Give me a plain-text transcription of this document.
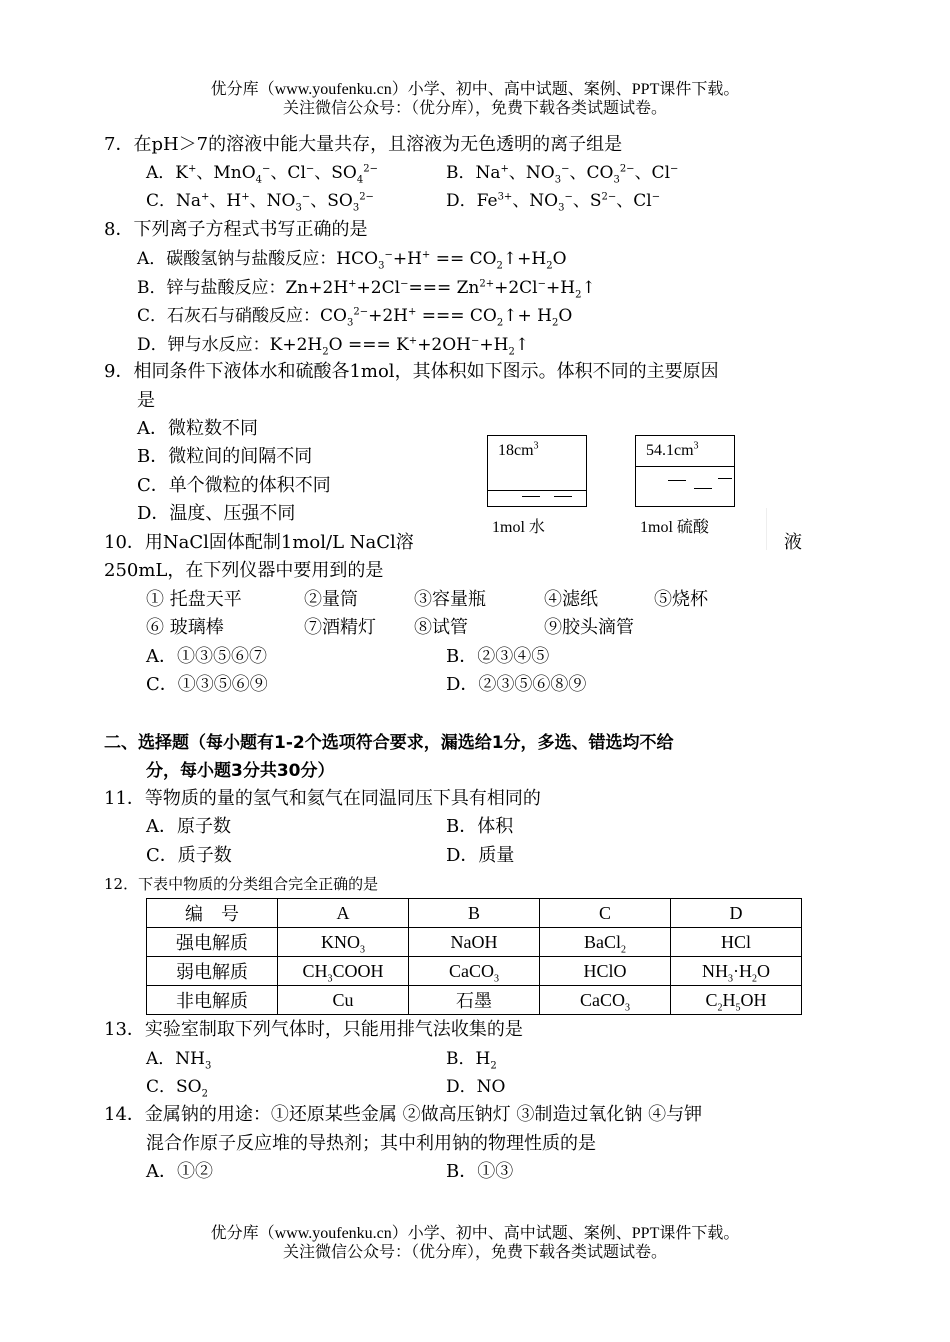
优分库（www.youfenku.cn）小学、初中、高中试题、案例、PPT课件下载。
关注微信公众号：（优分库），免费下载各类试题试卷。
7．在pH＞7的溶液中能大量共存，且溶液为无色透明的离子组是
A．K+、MnO$_4$−、Cl−、$SO_4^{2-}$	B．Na+、$NO_3^-$、$CO_3^{2-}$、Cl−
C．Na+、H+、$NO_3^-$、$SO_3^{2-}$	D．$Fe^{3+}$、$NO_3^-$、$S^{2-}$、Cl−
8．下列离子方程式书写正确的是
A．碳酸氢钠与盐酸反应：$HCO_3^-+H^+$ == $CO_2↑+H_2O$
B．锌与盐酸反应：$Zn+2H^++2Cl^-=== Zn^{2+}+2Cl^-+H_2↑$
C．石灰石与硝酸反应：$CO_3^{2-}+2H^+$ === $CO_2↑+ H_2O$
D．钾与水反应：$K+2H_2O$ === $K^++2OH^-+H_2↑$
9．相同条件下液体水和硫酸各1mol，其体积如下图示。体积不同的主要原因
是
A．微粒数不同
B．微粒间的间隔不同
C．单个微粒的体积不同
D．温度、压强不同
$18cm^3$
1mol 水
$54.1cm^3$
1mol 硫酸
10．用NaCl固体配制1mol/L NaCl溶	液
250mL，在下列仪器中要用到的是
① 托盘天平	②量筒	③容量瓶	④滤纸	⑤烧杯
⑥ 玻璃棒	⑦酒精灯 ⑧试管	⑨胶头滴管
A．①③⑤⑥⑦	B．②③④⑤
C．①③⑤⑥⑨	D．②③⑤⑥⑧⑨
二、选择题（每小题有1-2个选项符合要求，漏选给1分，多选、错选均不给
分，每小题3分共30分）
11．等物质的量的氢气和氦气在同温同压下具有相同的
A．原子数	B．体积
C．质子数	D．质量
12．下表中物质的分类组合完全正确的是
编　号	A	B	C	D
强电解质	$KNO_3$	NaOH	BaCl$_2$	HCl
弱电解质	$CH_3COOH$	CaCO$_3$	HClO	$NH_3\cdot H_2O$
非电解质	Cu	石墨	CaCO$_3$	$C_2H_5OH$
13．实验室制取下列气体时，只能用排气法收集的是
A．$NH_3$	B．$H_2$
C．$SO_2$	D．NO
14．金属钠的用途：①还原某些金属 ②做高压钠灯 ③制造过氧化钠 ④与钾
混合作原子反应堆的导热剂；其中利用钠的物理性质的是
A．①②	B．①③
优分库（www.youfenku.cn）小学、初中、高中试题、案例、PPT课件下载。
关注微信公众号：（优分库），免费下载各类试题试卷。
